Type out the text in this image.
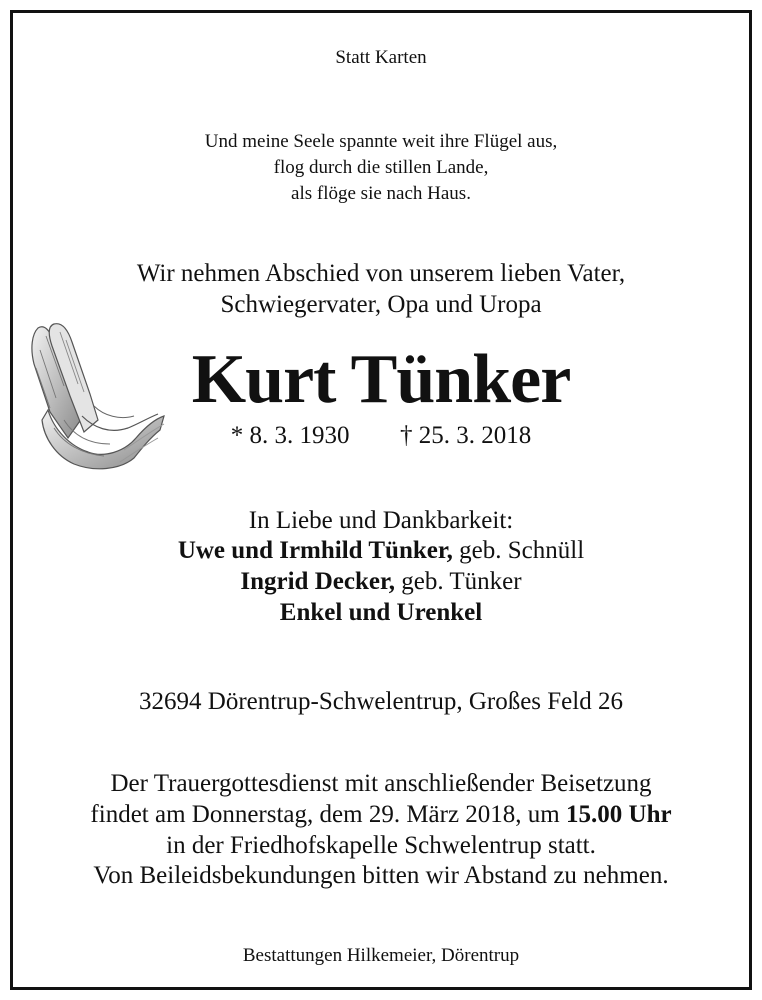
Statt Karten
Und meine Seele spannte weit ihre Flügel aus,
flog durch die stillen Lande,
als flöge sie nach Haus.
Wir nehmen Abschied von unserem lieben Vater,
Schwiegervater, Opa und Uropa
Kurt Tünker
* 8. 3. 1930 † 25. 3. 2018
In Liebe und Dankbarkeit:
Uwe und Irmhild Tünker, geb. Schnüll
Ingrid Decker, geb. Tünker
Enkel und Urenkel
32694 Dörentrup-Schwelentrup, Großes Feld 26
Der Trauergottesdienst mit anschließender Beisetzung
findet am Donnerstag, dem 29. März 2018, um 15.00 Uhr
in der Friedhofskapelle Schwelentrup statt.
Von Beileidsbekundungen bitten wir Abstand zu nehmen.
Bestattungen Hilkemeier, Dörentrup
